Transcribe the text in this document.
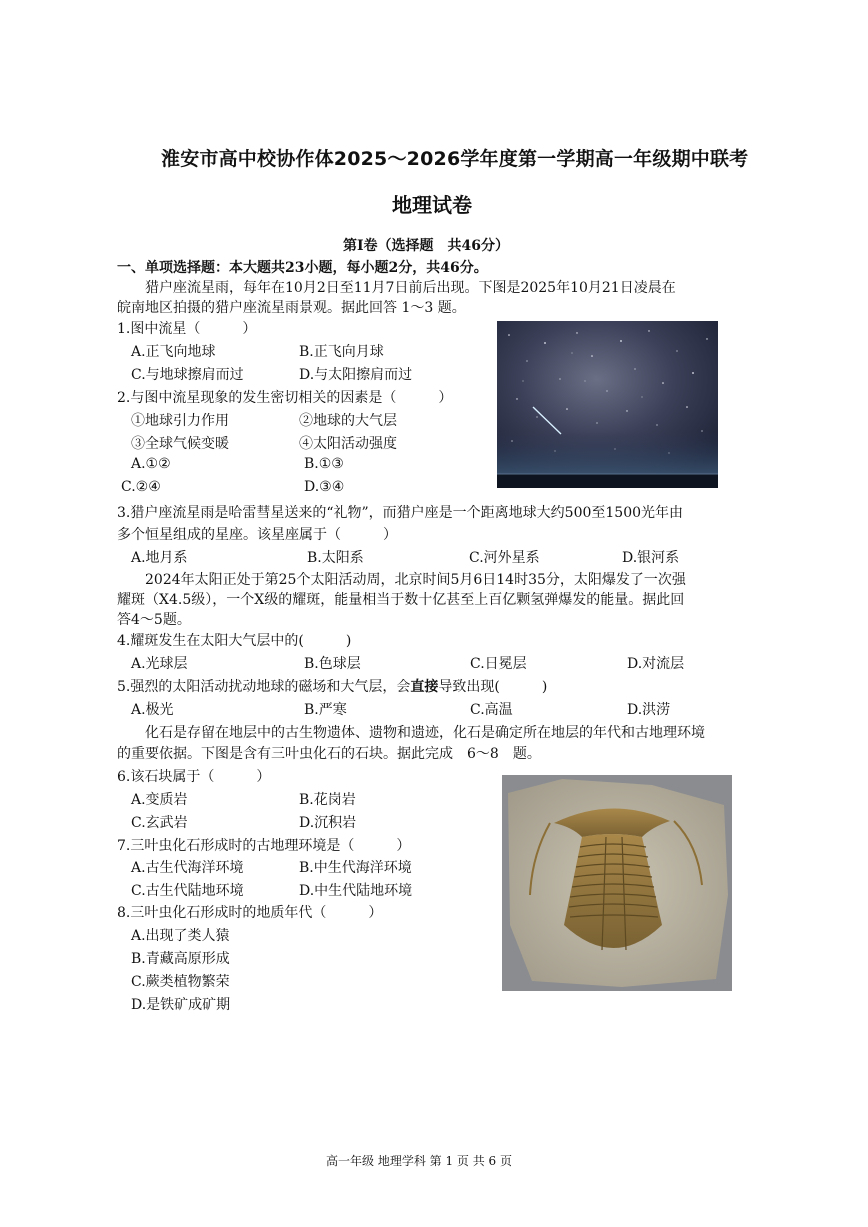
淮安市高中校协作体2025～2026学年度第一学期高一年级期中联考
地理试卷
第Ⅰ卷（选择题　共46分）
一、单项选择题：本大题共23小题，每小题2分，共46分。
猎户座流星雨，每年在10月2日至11月7日前后出现。下图是2025年10月21日凌晨在
皖南地区拍摄的猎户座流星雨景观。据此回答 1～3 题。
1.图中流星（　　　）
A.正飞向地球	B.正飞向月球
C.与地球擦肩而过	D.与太阳擦肩而过
2.与图中流星现象的发生密切相关的因素是（　　　）
①地球引力作用	②地球的大气层
③全球气候变暖	④太阳活动强度
A.①②	B.①③
C.②④	D.③④
3.猎户座流星雨是哈雷彗星送来的“礼物”，而猎户座是一个距离地球大约500至1500光年由
多个恒星组成的星座。该星座属于（　　　）
A.地月系	B.太阳系	C.河外星系	D.银河系
2024年太阳正处于第25个太阳活动周，北京时间5月6日14时35分，太阳爆发了一次强
耀斑（X4.5级），一个X级的耀斑，能量相当于数十亿甚至上百亿颗氢弹爆发的能量。据此回
答4～5题。
4.耀斑发生在太阳大气层中的(　　　)
A.光球层	B.色球层	C.日冕层	D.对流层
5.强烈的太阳活动扰动地球的磁场和大气层，会直接导致出现(　　　)
A.极光	B.严寒	C.高温	D.洪涝
化石是存留在地层中的古生物遗体、遗物和遗迹，化石是确定所在地层的年代和古地理环境
的重要依据。下图是含有三叶虫化石的石块。据此完成　6～8　题。
6.该石块属于（　　　）
A.变质岩	B.花岗岩
C.玄武岩	D.沉积岩
7.三叶虫化石形成时的古地理环境是（　　　）
A.古生代海洋环境	B.中生代海洋环境
C.古生代陆地环境	D.中生代陆地环境
8.三叶虫化石形成时的地质年代（　　　）
A.出现了类人猿
B.青藏高原形成
C.蕨类植物繁荣
D.是铁矿成矿期
高一年级 地理学科 第 1 页 共 6 页
